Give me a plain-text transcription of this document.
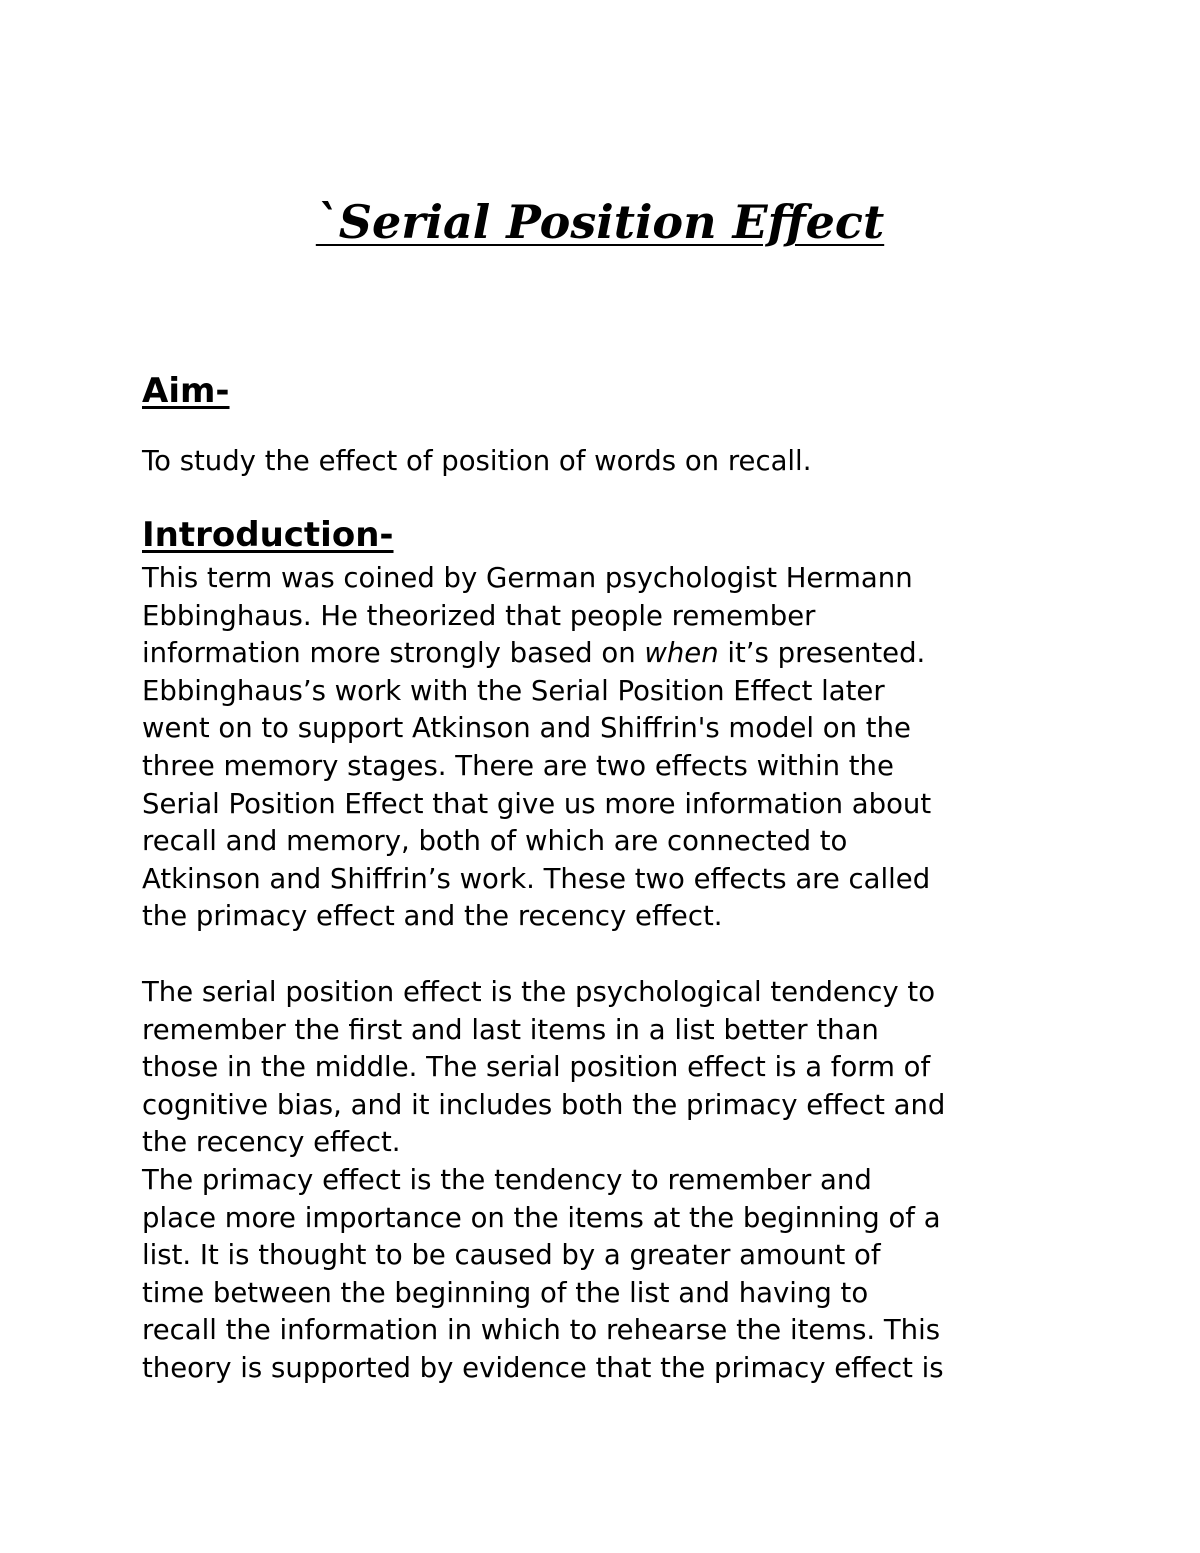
`Serial Position Effect
Aim-

To study the effect of position of words on recall.

Introduction-

This term was coined by German psychologist Hermann
Ebbinghaus. He theorized that people remember
information more strongly based on when it’s presented.
Ebbinghaus’s work with the Serial Position Effect later
went on to support Atkinson and Shiffrin's model on the
three memory stages. There are two effects within the
Serial Position Effect that give us more information about
recall and memory, both of which are connected to
Atkinson and Shiffrin’s work. These two effects are called
the primacy effect and the recency effect.

The serial position effect is the psychological tendency to
remember the first and last items in a list better than
those in the middle. The serial position effect is a form of
cognitive bias, and it includes both the primacy effect and
the recency effect.

The primacy effect is the tendency to remember and
place more importance on the items at the beginning of a
list. It is thought to be caused by a greater amount of
time between the beginning of the list and having to
recall the information in which to rehearse the items. This
theory is supported by evidence that the primacy effect is
